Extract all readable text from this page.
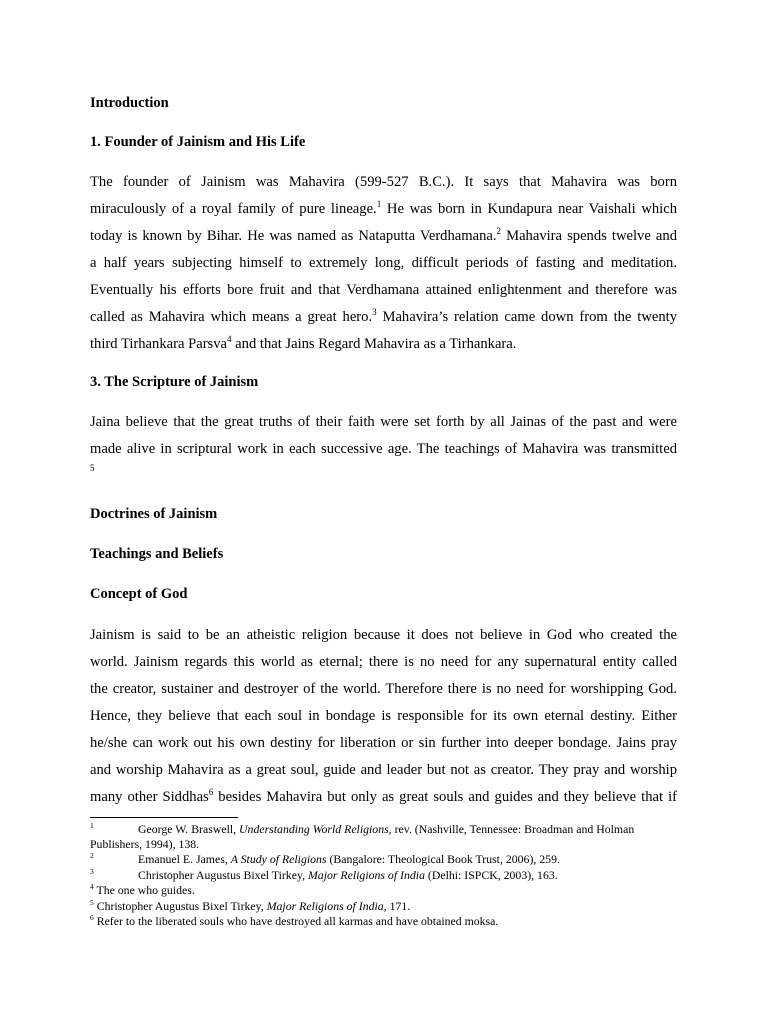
Introduction
1. Founder of Jainism and His Life
The founder of Jainism was Mahavira (599-527 B.C.). It says that Mahavira was born
miraculously of a royal family of pure lineage.$^1$ He was born in Kundapura near Vaishali which
today is known by Bihar. He was named as Nataputta Verdhamana.$^2$ Mahavira spends twelve and
a half years subjecting himself to extremely long, difficult periods of fasting and meditation.
Eventually his efforts bore fruit and that Verdhamana attained enlightenment and therefore was
called as Mahavira which means a great hero.$^3$ Mahavira’s relation came down from the twenty
third Tirhankara Parsva$^4$ and that Jains Regard Mahavira as a Tirhankara.
3. The Scripture of Jainism
Jaina believe that the great truths of their faith were set forth by all Jainas of the past and were
made alive in scriptural work in each successive age. The teachings of Mahavira was transmitted
5
Doctrines of Jainism
Teachings and Beliefs
Concept of God
Jainism is said to be an atheistic religion because it does not believe in God who created the
world. Jainism regards this world as eternal; there is no need for any supernatural entity called
the creator, sustainer and destroyer of the world. Therefore there is no need for worshipping God.
Hence, they believe that each soul in bondage is responsible for its own eternal destiny. Either
he/she can work out his own destiny for liberation or sin further into deeper bondage. Jains pray
and worship Mahavira as a great soul, guide and leader but not as creator. They pray and worship
many other Siddhas$^6$ besides Mahavira but only as great souls and guides and they believe that if
$^1$	George W. Braswell, Understanding World Religions, rev. (Nashville, Tennessee: Broadman and Holman
Publishers, 1994), 138.
$^2$	Emanuel E. James, A Study of Religions (Bangalore: Theological Book Trust, 2006), 259.
$^3$	Christopher Augustus Bixel Tirkey, Major Religions of India (Delhi: ISPCK, 2003), 163.
$^4$ The one who guides.
$^5$ Christopher Augustus Bixel Tirkey, Major Religions of India, 171.
$^6$ Refer to the liberated souls who have destroyed all karmas and have obtained moksa.
